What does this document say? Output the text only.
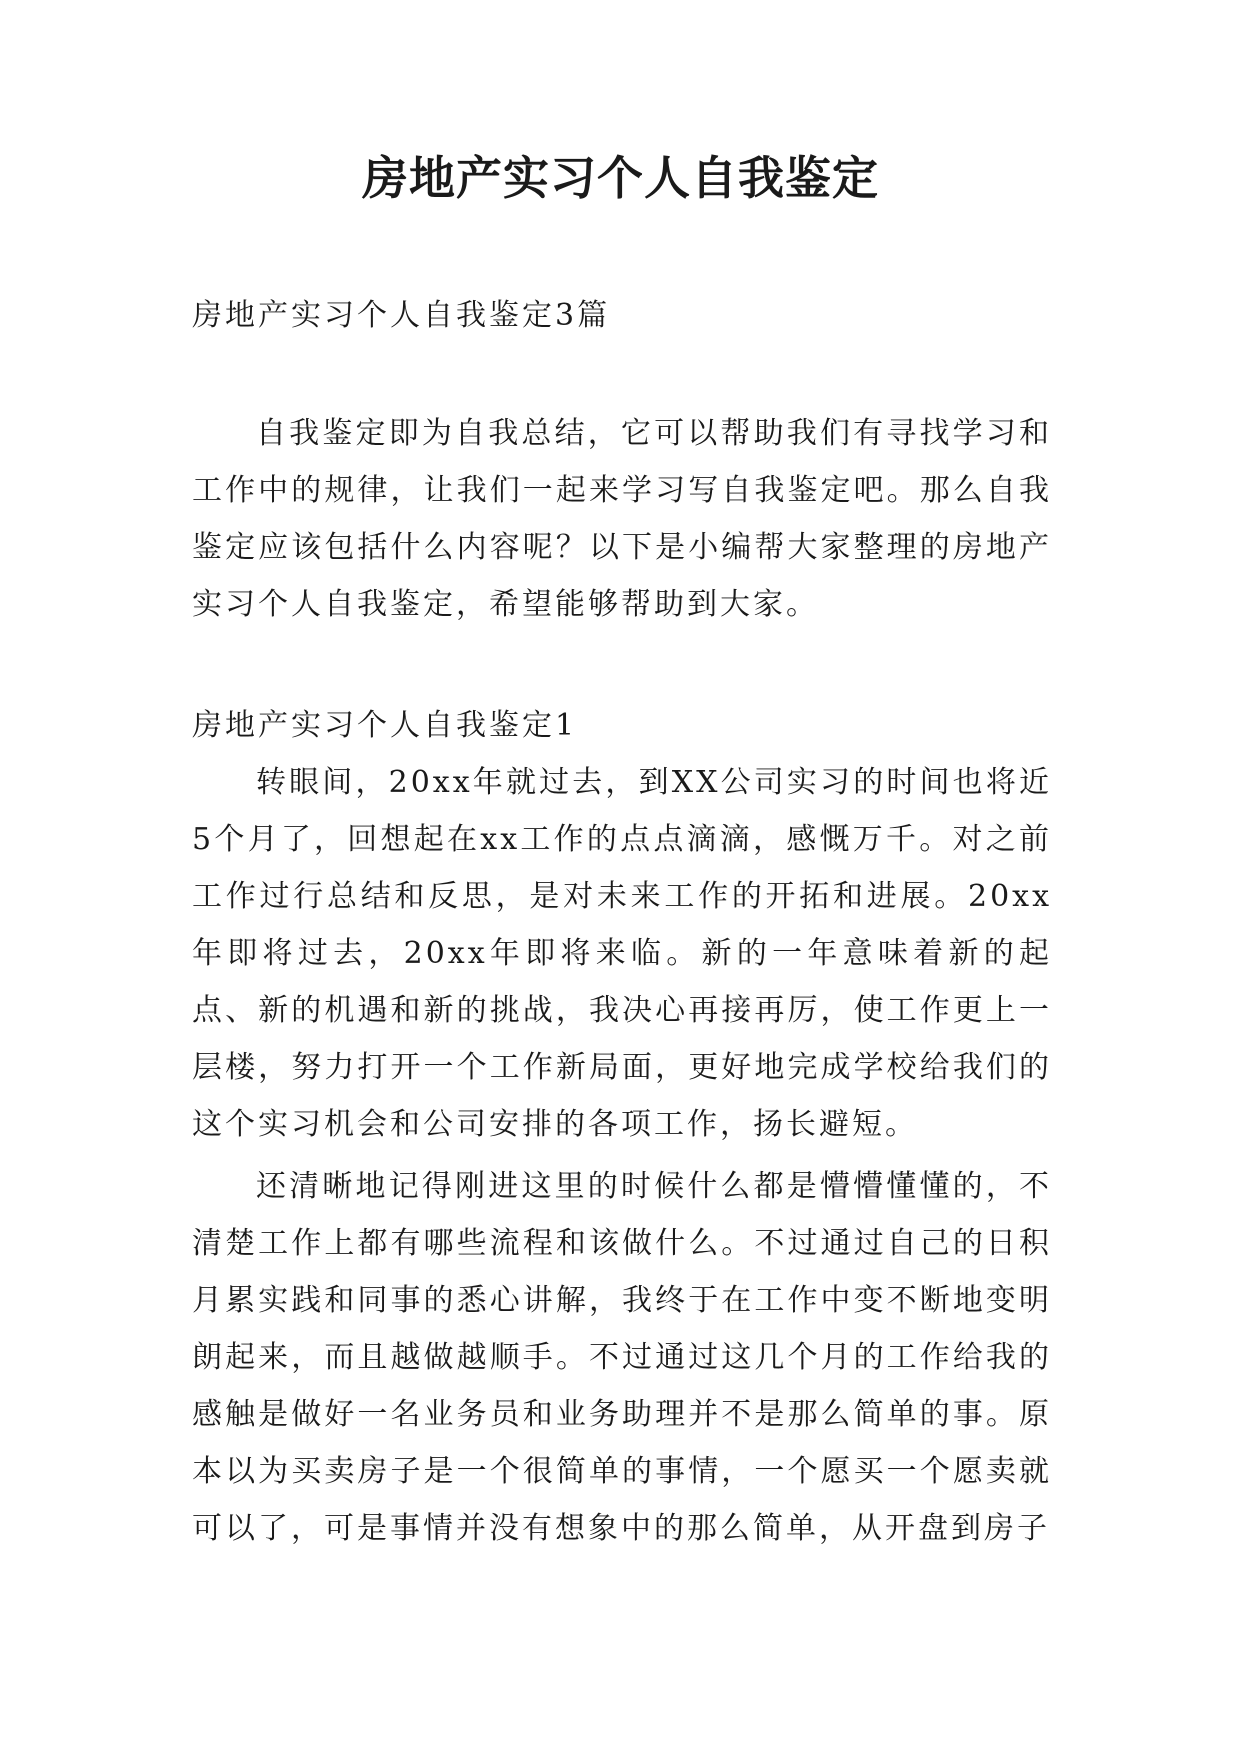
房地产实习个人自我鉴定

房地产实习个人自我鉴定3篇

自我鉴定即为自我总结，它可以帮助我们有寻找学习和工作中的规律，让我们一起来学习写自我鉴定吧。那么自我鉴定应该包括什么内容呢？以下是小编帮大家整理的房地产实习个人自我鉴定，希望能够帮助到大家。

房地产实习个人自我鉴定1

转眼间，20xx年就过去，到XX公司实习的时间也将近5个月了，回想起在xx工作的点点滴滴，感慨万千。对之前工作过行总结和反思，是对未来工作的开拓和进展。20xx年即将过去，20xx年即将来临。新的一年意味着新的起点、新的机遇和新的挑战，我决心再接再厉，使工作更上一层楼，努力打开一个工作新局面，更好地完成学校给我们的这个实习机会和公司安排的各项工作，扬长避短。

还清晰地记得刚进这里的时候什么都是懵懵懂懂的，不清楚工作上都有哪些流程和该做什么。不过通过自己的日积月累实践和同事的悉心讲解，我终于在工作中变不断地变明朗起来，而且越做越顺手。不过通过这几个月的工作给我的感触是做好一名业务员和业务助理并不是那么简单的事。原本以为买卖房子是一个很简单的事情，一个愿买一个愿卖就可以了，可是事情并没有想象中的那么简单，从开盘到房子
